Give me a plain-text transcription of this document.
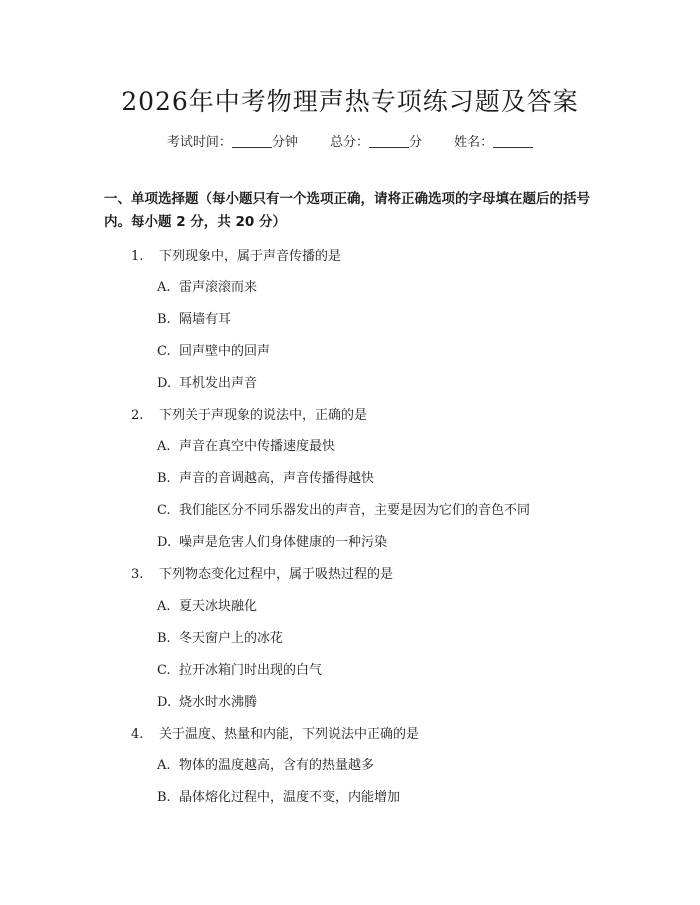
2026年中考物理声热专项练习题及答案
考试时间：	分钟 总分：	分 姓名：
一、单项选择题（每小题只有一个选项正确，请将正确选项的字母填在题后的括号内。每小题 2 分，共 20 分）
1. 下列现象中，属于声音传播的是
A. 雷声滚滚而来
B. 隔墙有耳
C. 回声壁中的回声
D. 耳机发出声音
2. 下列关于声现象的说法中，正确的是
A. 声音在真空中传播速度最快
B. 声音的音调越高，声音传播得越快
C. 我们能区分不同乐器发出的声音，主要是因为它们的音色不同
D. 噪声是危害人们身体健康的一种污染
3. 下列物态变化过程中，属于吸热过程的是
A. 夏天冰块融化
B. 冬天窗户上的冰花
C. 拉开冰箱门时出现的白气
D. 烧水时水沸腾
4. 关于温度、热量和内能，下列说法中正确的是
A. 物体的温度越高，含有的热量越多
B. 晶体熔化过程中，温度不变，内能增加
